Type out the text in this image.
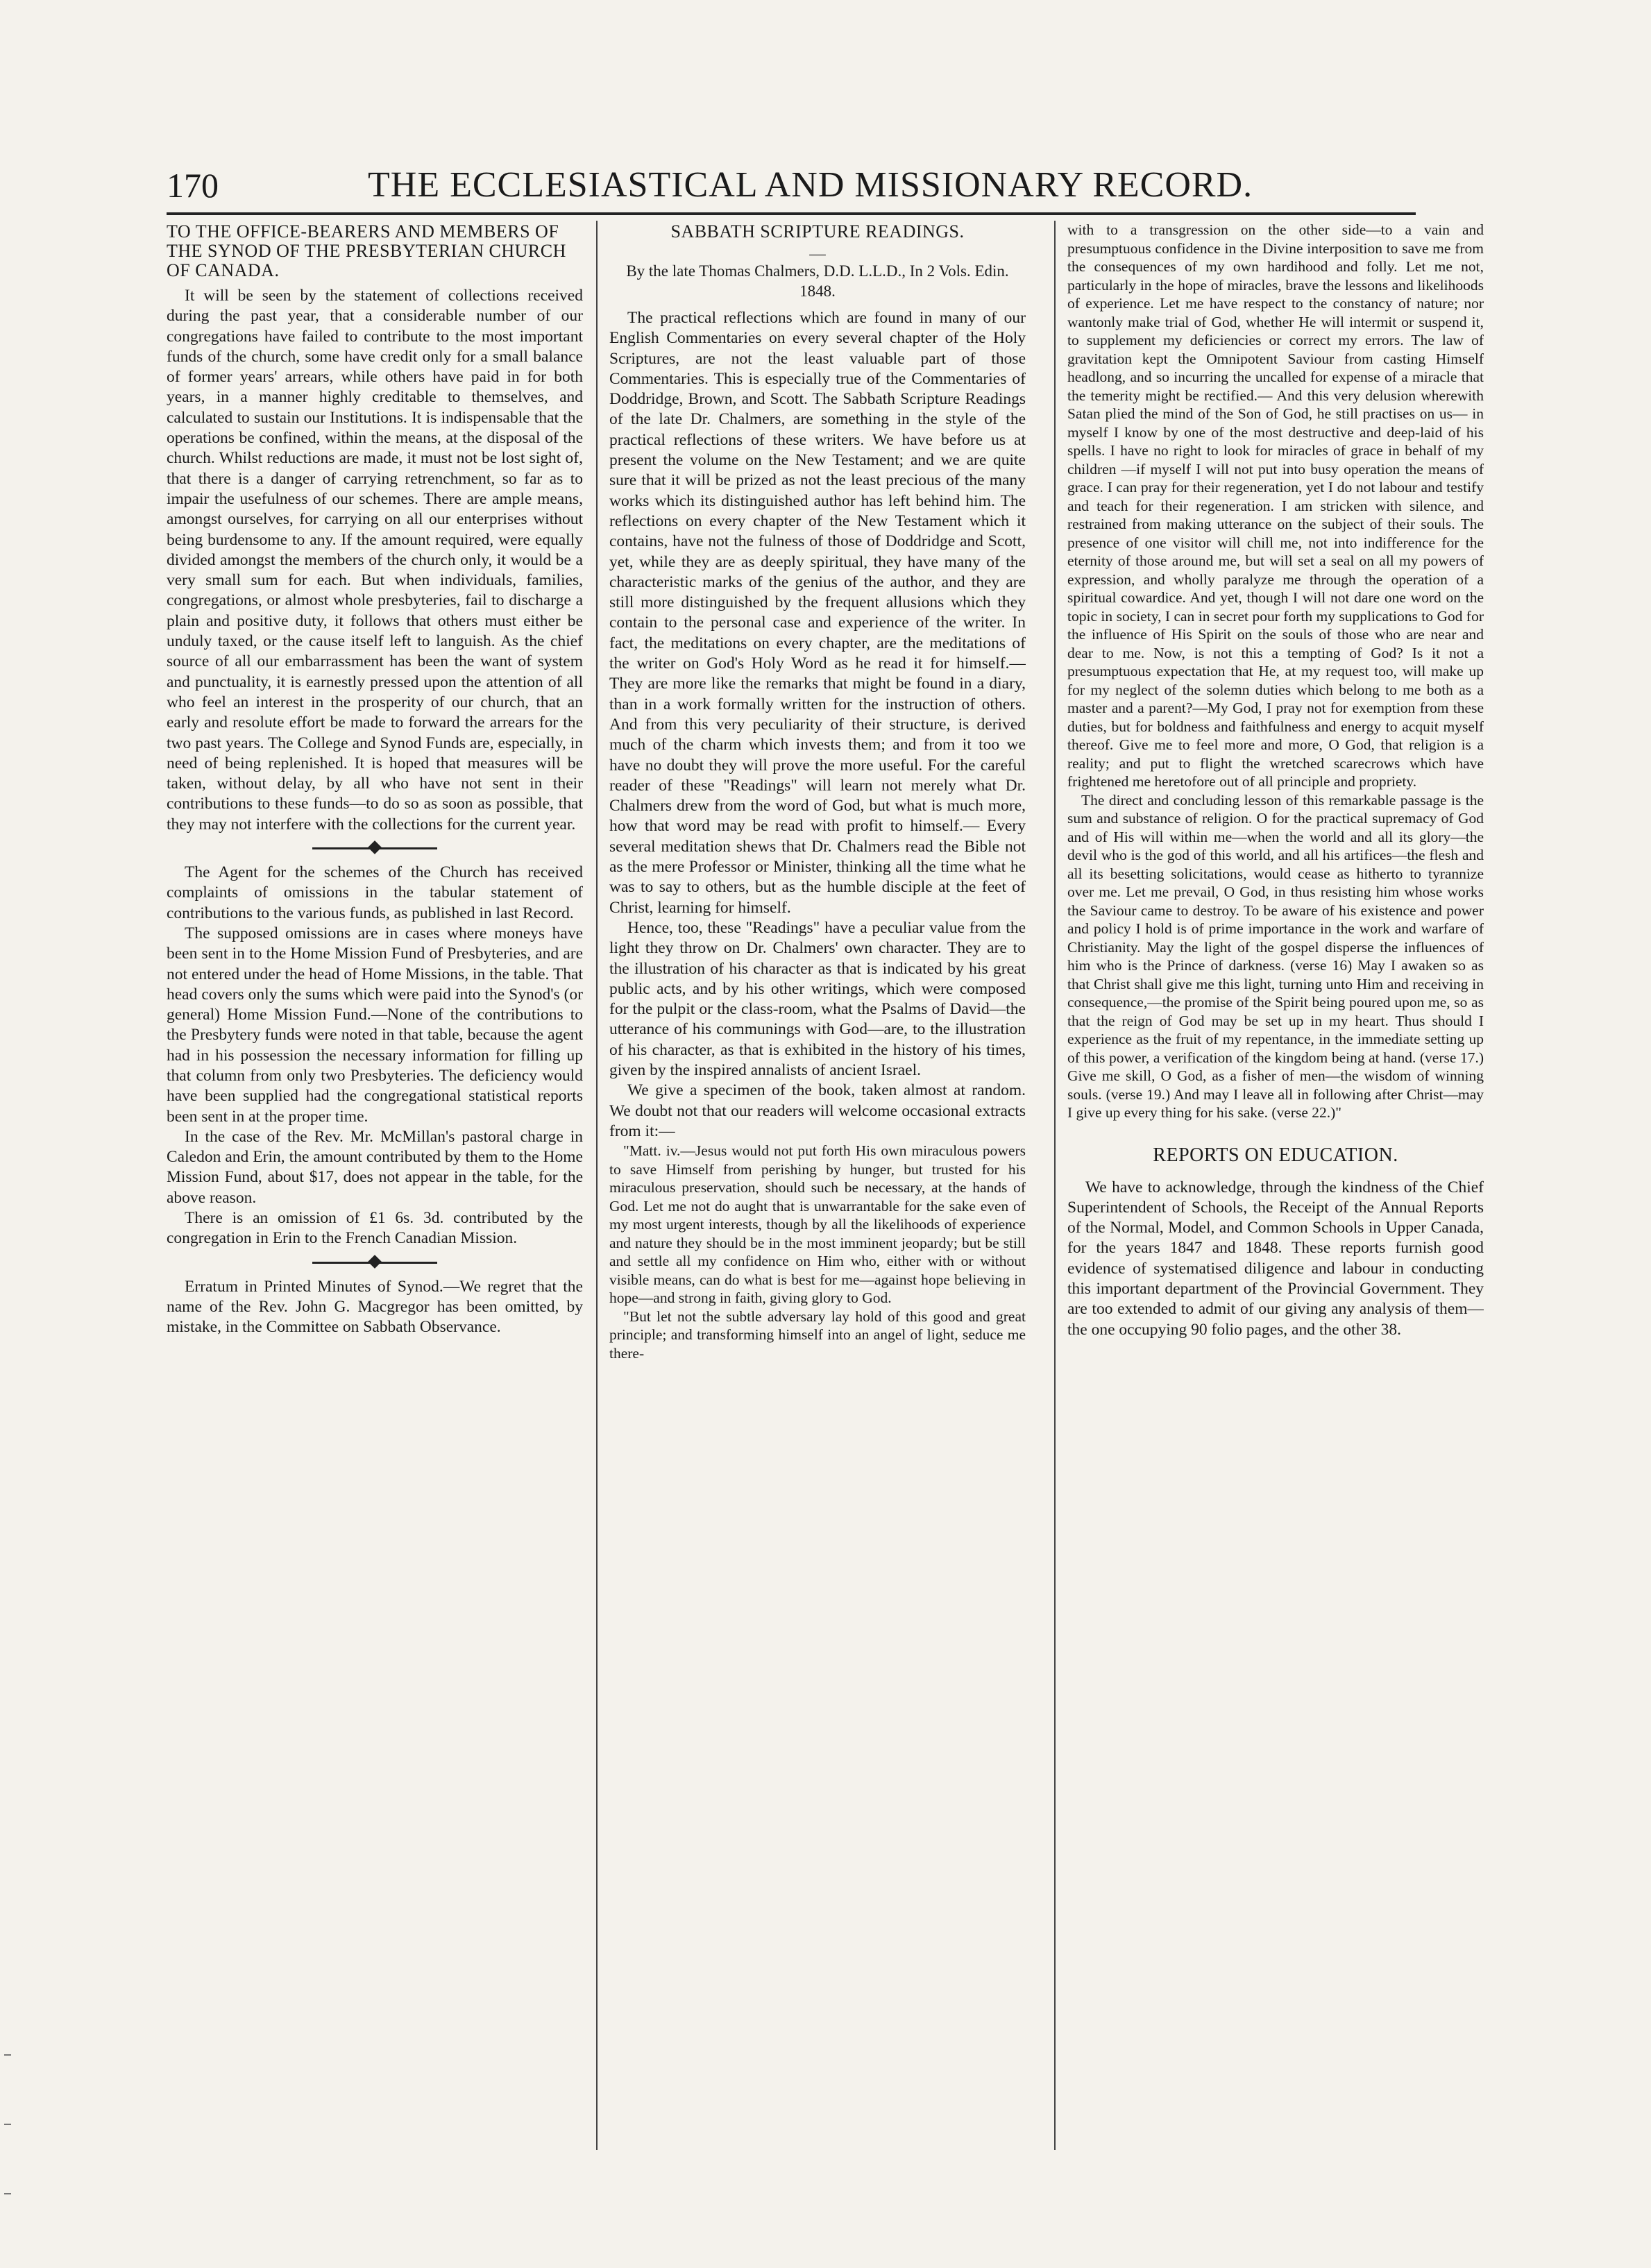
170	THE ECCLESIASTICAL AND MISSIONARY RECORD.
TO THE OFFICE-BEARERS AND MEMBERS OF THE SYNOD OF THE PRESBYTERIAN CHURCH OF CANADA.

It will be seen by the statement of collections received during the past year, that a considerable number of our congregations have failed to contribute to the most important funds of the church, some have credit only for a small balance of former years' arrears, while others have paid in for both years, in a manner highly creditable to themselves, and calculated to sustain our Institutions. It is indispensable that the operations be confined, within the means, at the disposal of the church. Whilst reductions are made, it must not be lost sight of, that there is a danger of carrying retrenchment, so far as to impair the usefulness of our schemes. There are ample means, amongst ourselves, for carrying on all our enterprises without being burdensome to any. If the amount required, were equally divided amongst the members of the church only, it would be a very small sum for each. But when individuals, families, congregations, or almost whole presbyteries, fail to discharge a plain and positive duty, it follows that others must either be unduly taxed, or the cause itself left to languish. As the chief source of all our embarrassment has been the want of system and punctuality, it is earnestly pressed upon the attention of all who feel an interest in the prosperity of our church, that an early and resolute effort be made to forward the arrears for the two past years. The College and Synod Funds are, especially, in need of being replenished. It is hoped that measures will be taken, without delay, by all who have not sent in their contributions to these funds—to do so as soon as possible, that they may not interfere with the collections for the current year.

The Agent for the schemes of the Church has received complaints of omissions in the tabular statement of contributions to the various funds, as published in last Record.

The supposed omissions are in cases where moneys have been sent in to the Home Mission Fund of Presbyteries, and are not entered under the head of Home Missions, in the table. That head covers only the sums which were paid into the Synod's (or general) Home Mission Fund.—None of the contributions to the Presbytery funds were noted in that table, because the agent had in his possession the necessary information for filling up that column from only two Presbyteries. The deficiency would have been supplied had the congregational statistical reports been sent in at the proper time.

In the case of the Rev. Mr. McMillan's pastoral charge in Caledon and Erin, the amount contributed by them to the Home Mission Fund, about $17, does not appear in the table, for the above reason.

There is an omission of £1 6s. 3d. contributed by the congregation in Erin to the French Canadian Mission.

Erratum in Printed Minutes of Synod.—We regret that the name of the Rev. John G. Macgregor has been omitted, by mistake, in the Committee on Sabbath Observance.

SABBATH SCRIPTURE READINGS.
—
By the late Thomas Chalmers, D.D. L.L.D., In 2 Vols. Edin. 1848.

The practical reflections which are found in many of our English Commentaries on every several chapter of the Holy Scriptures, are not the least valuable part of those Commentaries. This is especially true of the Commentaries of Doddridge, Brown, and Scott. The Sabbath Scripture Readings of the late Dr. Chalmers, are something in the style of the practical reflections of these writers. We have before us at present the volume on the New Testament; and we are quite sure that it will be prized as not the least precious of the many works which its distinguished author has left behind him. The reflections on every chapter of the New Testament which it contains, have not the fulness of those of Doddridge and Scott, yet, while they are as deeply spiritual, they have many of the characteristic marks of the genius of the author, and they are still more distinguished by the frequent allusions which they contain to the personal case and experience of the writer. In fact, the meditations on every chapter, are the meditations of the writer on God's Holy Word as he read it for himself.— They are more like the remarks that might be found in a diary, than in a work formally written for the instruction of others. And from this very peculiarity of their structure, is derived much of the charm which invests them; and from it too we have no doubt they will prove the more useful. For the careful reader of these "Readings" will learn not merely what Dr. Chalmers drew from the word of God, but what is much more, how that word may be read with profit to himself.— Every several meditation shews that Dr. Chalmers read the Bible not as the mere Professor or Minister, thinking all the time what he was to say to others, but as the humble disciple at the feet of Christ, learning for himself.

Hence, too, these "Readings" have a peculiar value from the light they throw on Dr. Chalmers' own character. They are to the illustration of his character as that is indicated by his great public acts, and by his other writings, which were composed for the pulpit or the class-room, what the Psalms of David—the utterance of his communings with God—are, to the illustration of his character, as that is exhibited in the history of his times, given by the inspired annalists of ancient Israel.

We give a specimen of the book, taken almost at random. We doubt not that our readers will welcome occasional extracts from it:—

"Matt. iv.—Jesus would not put forth His own miraculous powers to save Himself from perishing by hunger, but trusted for his miraculous preservation, should such be necessary, at the hands of God. Let me not do aught that is unwarrantable for the sake even of my most urgent interests, though by all the likelihoods of experience and nature they should be in the most imminent jeopardy; but be still and settle all my confidence on Him who, either with or without visible means, can do what is best for me—against hope believing in hope—and strong in faith, giving glory to God.

"But let not the subtle adversary lay hold of this good and great principle; and transforming himself into an angel of light, seduce me there-

with to a transgression on the other side—to a vain and presumptuous confidence in the Divine interposition to save me from the consequences of my own hardihood and folly. Let me not, particularly in the hope of miracles, brave the lessons and likelihoods of experience. Let me have respect to the constancy of nature; nor wantonly make trial of God, whether He will intermit or suspend it, to supplement my deficiencies or correct my errors. The law of gravitation kept the Omnipotent Saviour from casting Himself headlong, and so incurring the uncalled for expense of a miracle that the temerity might be rectified.— And this very delusion wherewith Satan plied the mind of the Son of God, he still practises on us— in myself I know by one of the most destructive and deep-laid of his spells. I have no right to look for miracles of grace in behalf of my children —if myself I will not put into busy operation the means of grace. I can pray for their regeneration, yet I do not labour and testify and teach for their regeneration. I am stricken with silence, and restrained from making utterance on the subject of their souls. The presence of one visitor will chill me, not into indifference for the eternity of those around me, but will set a seal on all my powers of expression, and wholly paralyze me through the operation of a spiritual cowardice. And yet, though I will not dare one word on the topic in society, I can in secret pour forth my supplications to God for the influence of His Spirit on the souls of those who are near and dear to me. Now, is not this a tempting of God? Is it not a presumptuous expectation that He, at my request too, will make up for my neglect of the solemn duties which belong to me both as a master and a parent?—My God, I pray not for exemption from these duties, but for boldness and faithfulness and energy to acquit myself thereof. Give me to feel more and more, O God, that religion is a reality; and put to flight the wretched scarecrows which have frightened me heretofore out of all principle and propriety.

The direct and concluding lesson of this remarkable passage is the sum and substance of religion. O for the practical supremacy of God and of His will within me—when the world and all its glory—the devil who is the god of this world, and all his artifices—the flesh and all its besetting solicitations, would cease as hitherto to tyrannize over me. Let me prevail, O God, in thus resisting him whose works the Saviour came to destroy. To be aware of his existence and power and policy I hold is of prime importance in the work and warfare of Christianity. May the light of the gospel disperse the influences of him who is the Prince of darkness. (verse 16) May I awaken so as that Christ shall give me this light, turning unto Him and receiving in consequence,—the promise of the Spirit being poured upon me, so as that the reign of God may be set up in my heart. Thus should I experience as the fruit of my repentance, in the immediate setting up of this power, a verification of the kingdom being at hand. (verse 17.) Give me skill, O God, as a fisher of men—the wisdom of winning souls. (verse 19.) And may I leave all in following after Christ—may I give up every thing for his sake. (verse 22.)"

REPORTS ON EDUCATION.

We have to acknowledge, through the kindness of the Chief Superintendent of Schools, the Receipt of the Annual Reports of the Normal, Model, and Common Schools in Upper Canada, for the years 1847 and 1848. These reports furnish good evidence of systematised diligence and labour in conducting this important department of the Provincial Government. They are too extended to admit of our giving any analysis of them—the one occupying 90 folio pages, and the other 38.
